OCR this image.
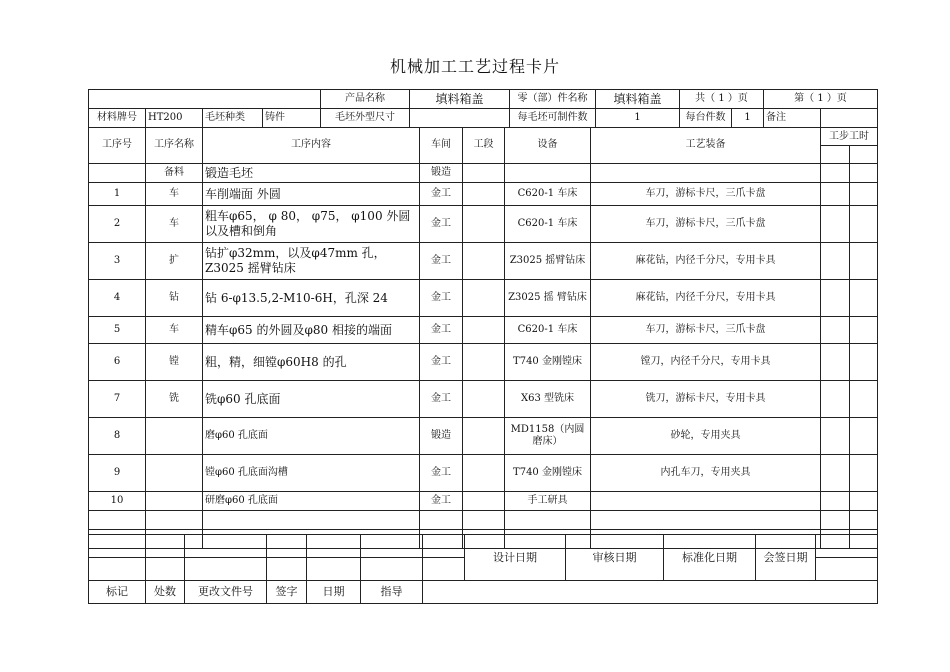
机械加工工艺过程卡片
				产品名称	填料箱盖	零（部）件名称	填料箱盖	共（ 1 ）页		第（ 1 ）页	
材料牌号	HT200	毛坯种类	铸件	毛坯外型尺寸		每毛坯可制件数	1	每台件数	1	备注	
工序号	工序名称	工序内容	车间	工段	设备	工艺装备	工步工时	

	备料	锻造毛坯	锻造					
1	车	车削端面 外圆	金工		C620-1 车床	车刀，游标卡尺，三爪卡盘		
2	车	粗车φ65， φ 80， φ75， φ100 外圆以及槽和倒角	金工		C620-1 车床	车刀，游标卡尺，三爪卡盘		
3	扩	钻扩φ32mm，以及φ47mm 孔，Z3025 摇臂钻床	金工		Z3025 摇臂钻床	麻花钻，内径千分尺，专用卡具		
4	钻	钻 6-φ13.5,2-M10-6H，孔深 24	金工		Z3025 摇 臂钻床	麻花钻，内径千分尺，专用卡具		
5	车	精车φ65 的外圆及φ80 相接的端面	金工		C620-1 车床	车刀，游标卡尺，三爪卡盘		
6	镗	粗，精，细镗φ60H8 的孔	金工		T740 金刚镗床	镗刀，内径千分尺，专用卡具		
7	铣	铣φ60 孔底面	金工		X63 型铣床	铣刀，游标卡尺，专用卡具		
8		磨φ60 孔底面	锻造		MD1158（内圆磨床）	砂轮，专用夹具		
9		镗φ60 孔底面沟槽	金工		T740 金刚镗床	内孔车刀，专用夹具		
10		研磨φ60 孔底面	金工		手工研具			

							设计日期	审核日期	标准化日期	会签日期	

标记	处数	更改文件号	签字	日期	指导						
